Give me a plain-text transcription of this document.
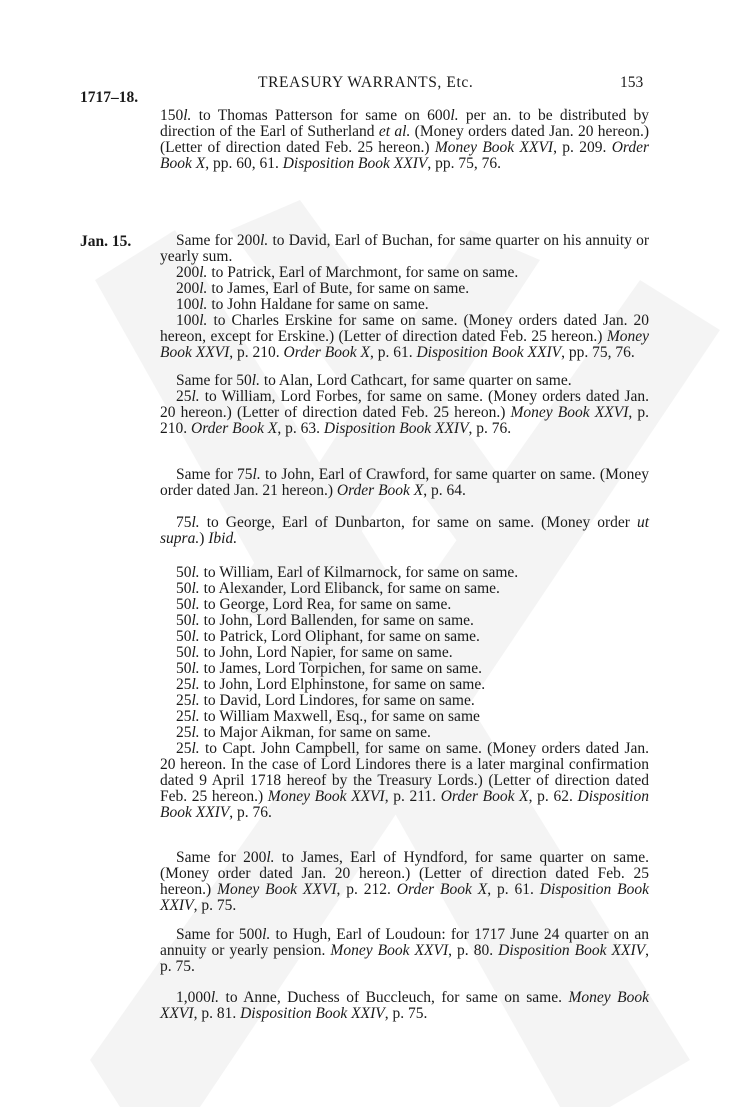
TREASURY WARRANTS, Etc.	153
1717–18.
Jan. 15.

150l. to Thomas Patterson for same on 600l. per an. to be distributed by direction of the Earl of Sutherland et al. (Money orders dated Jan. 20 hereon.) (Letter of direction dated Feb. 25 hereon.) Money Book XXVI, p. 209. Order Book X, pp. 60, 61. Disposition Book XXIV, pp. 75, 76.

Same for 200l. to David, Earl of Buchan, for same quarter on his annuity or yearly sum.

200l. to Patrick, Earl of Marchmont, for same on same.

200l. to James, Earl of Bute, for same on same.

100l. to John Haldane for same on same.

100l. to Charles Erskine for same on same. (Money orders dated Jan. 20 hereon, except for Erskine.) (Letter of direction dated Feb. 25 hereon.) Money Book XXVI, p. 210. Order Book X, p. 61. Disposition Book XXIV, pp. 75, 76.

Same for 50l. to Alan, Lord Cathcart, for same quarter on same.

25l. to William, Lord Forbes, for same on same. (Money orders dated Jan. 20 hereon.) (Letter of direction dated Feb. 25 hereon.) Money Book XXVI, p. 210. Order Book X, p. 63. Disposition Book XXIV, p. 76.

Same for 75l. to John, Earl of Crawford, for same quarter on same. (Money order dated Jan. 21 hereon.) Order Book X, p. 64.

75l. to George, Earl of Dunbarton, for same on same. (Money order ut supra.) Ibid.

50l. to William, Earl of Kilmarnock, for same on same.

50l. to Alexander, Lord Elibanck, for same on same.

50l. to George, Lord Rea, for same on same.

50l. to John, Lord Ballenden, for same on same.

50l. to Patrick, Lord Oliphant, for same on same.

50l. to John, Lord Napier, for same on same.

50l. to James, Lord Torpichen, for same on same.

25l. to John, Lord Elphinstone, for same on same.

25l. to David, Lord Lindores, for same on same.

25l. to William Maxwell, Esq., for same on same

25l. to Major Aikman, for same on same.

25l. to Capt. John Campbell, for same on same. (Money orders dated Jan. 20 hereon. In the case of Lord Lindores there is a later marginal confirmation dated 9 April 1718 hereof by the Treasury Lords.) (Letter of direction dated Feb. 25 hereon.) Money Book XXVI, p. 211. Order Book X, p. 62. Disposition Book XXIV, p. 76.

Same for 200l. to James, Earl of Hyndford, for same quarter on same. (Money order dated Jan. 20 hereon.) (Letter of direction dated Feb. 25 hereon.) Money Book XXVI, p. 212. Order Book X, p. 61. Disposition Book XXIV, p. 75.

Same for 500l. to Hugh, Earl of Loudoun: for 1717 June 24 quarter on an annuity or yearly pension. Money Book XXVI, p. 80. Disposition Book XXIV, p. 75.

1,000l. to Anne, Duchess of Buccleuch, for same on same. Money Book XXVI, p. 81. Disposition Book XXIV, p. 75.
